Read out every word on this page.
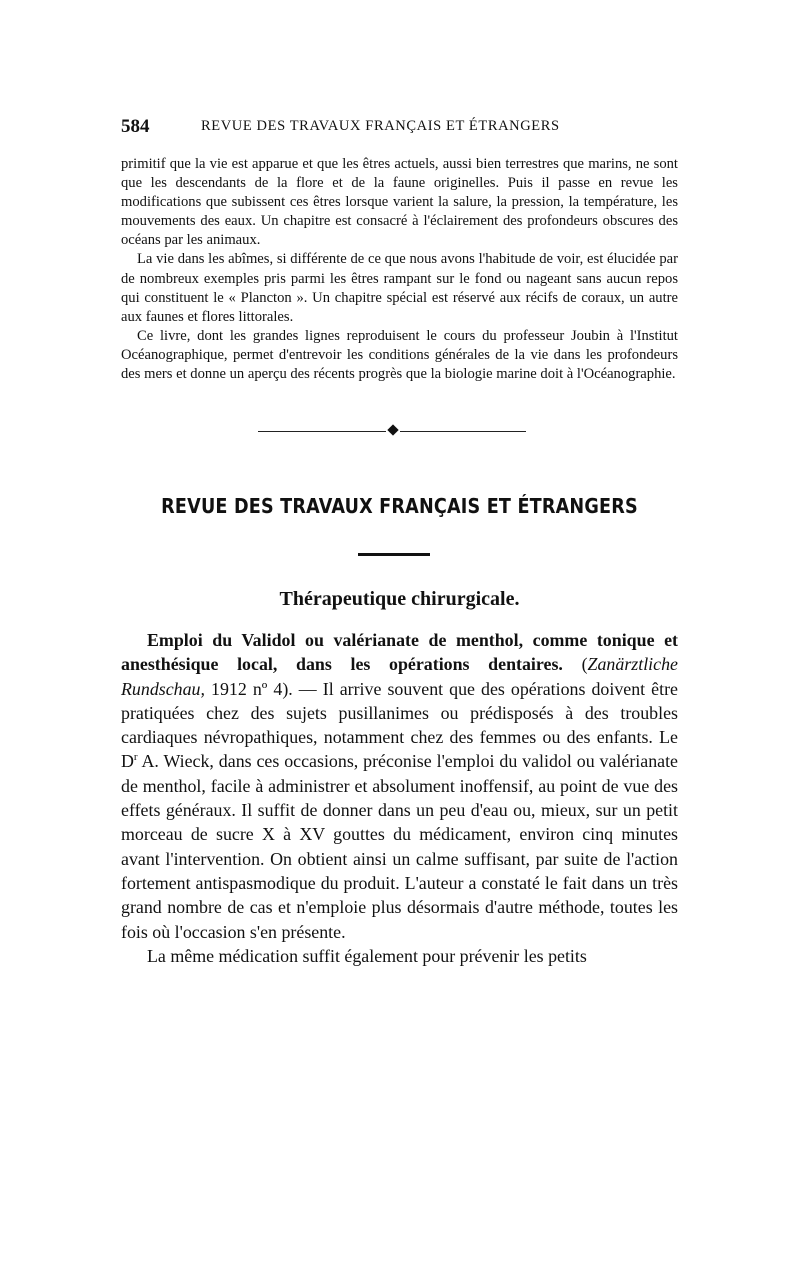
584	REVUE DES TRAVAUX FRANÇAIS ET ÉTRANGERS

primitif que la vie est apparue et que les êtres actuels, aussi bien terrestres que marins, ne sont que les descendants de la flore et de la faune originelles. Puis il passe en revue les modifications que subissent ces êtres lorsque varient la salure, la pression, la température, les mouvements des eaux. Un chapitre est consacré à l'éclairement des profondeurs obscures des océans par les animaux.

La vie dans les abîmes, si différente de ce que nous avons l'habitude de voir, est élucidée par de nombreux exemples pris parmi les êtres rampant sur le fond ou nageant sans aucun repos qui constituent le « Plancton ». Un chapitre spécial est réservé aux récifs de coraux, un autre aux faunes et flores littorales.

Ce livre, dont les grandes lignes reproduisent le cours du professeur Joubin à l'Institut Océanographique, permet d'entrevoir les conditions générales de la vie dans les profondeurs des mers et donne un aperçu des récents progrès que la biologie marine doit à l'Océanographie.

REVUE DES TRAVAUX FRANÇAIS ET ÉTRANGERS
Thérapeutique chirurgicale.

Emploi du Validol ou valérianate de menthol, comme tonique et anesthésique local, dans les opérations dentaires. (Zanärztliche Rundschau, 1912 nº 4). — Il arrive souvent que des opérations doivent être pratiquées chez des sujets pusillanimes ou prédisposés à des troubles cardiaques névropathiques, notamment chez des femmes ou des enfants. Le $D^r$ A. Wieck, dans ces occasions, préconise l'emploi du validol ou valérianate de menthol, facile à administrer et absolument inoffensif, au point de vue des effets généraux. Il suffit de donner dans un peu d'eau ou, mieux, sur un petit morceau de sucre X à XV gouttes du médicament, environ cinq minutes avant l'intervention. On obtient ainsi un calme suffisant, par suite de l'action fortement antispasmodique du produit. L'auteur a constaté le fait dans un très grand nombre de cas et n'emploie plus désormais d'autre méthode, toutes les fois où l'occasion s'en présente.

La même médication suffit également pour prévenir les petits
